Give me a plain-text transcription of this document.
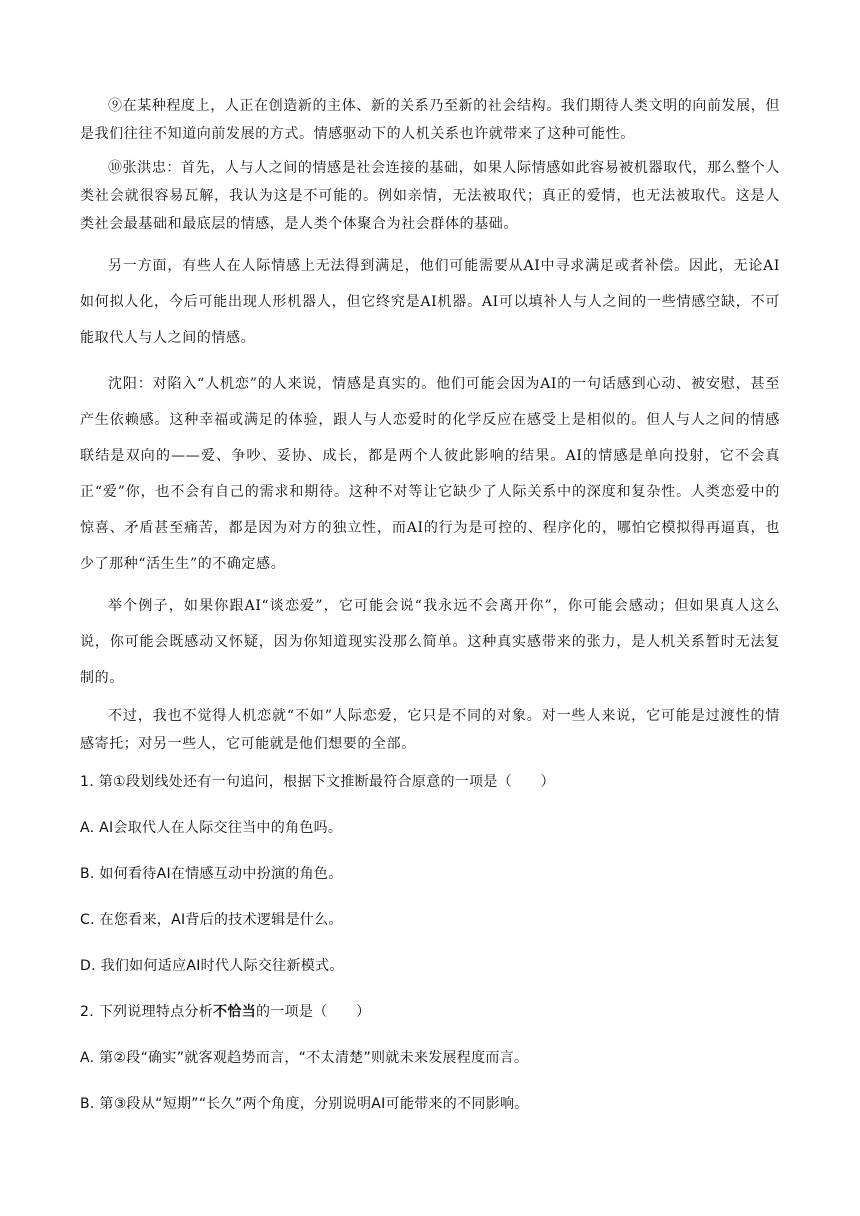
⑨在某种程度上，人正在创造新的主体、新的关系乃至新的社会结构。我们期待人类文明的向前发展，但是我们往往不知道向前发展的方式。情感驱动下的人机关系也许就带来了这种可能性。

⑩张洪忠：首先，人与人之间的情感是社会连接的基础，如果人际情感如此容易被机器取代，那么整个人类社会就很容易瓦解，我认为这是不可能的。例如亲情，无法被取代；真正的爱情，也无法被取代。这是人类社会最基础和最底层的情感，是人类个体聚合为社会群体的基础。

另一方面，有些人在人际情感上无法得到满足，他们可能需要从AI中寻求满足或者补偿。因此，无论AI如何拟人化，今后可能出现人形机器人，但它终究是AI机器。AI可以填补人与人之间的一些情感空缺，不可能取代人与人之间的情感。

沈阳：对陷入“人机恋”的人来说，情感是真实的。他们可能会因为AI的一句话感到心动、被安慰，甚至产生依赖感。这种幸福或满足的体验，跟人与人恋爱时的化学反应在感受上是相似的。但人与人之间的情感联结是双向的——爱、争吵、妥协、成长，都是两个人彼此影响的结果。AI的情感是单向投射，它不会真正“爱”你，也不会有自己的需求和期待。这种不对等让它缺少了人际关系中的深度和复杂性。人类恋爱中的惊喜、矛盾甚至痛苦，都是因为对方的独立性，而AI的行为是可控的、程序化的，哪怕它模拟得再逼真，也少了那种“活生生”的不确定感。

举个例子，如果你跟AI“谈恋爱”，它可能会说“我永远不会离开你”，你可能会感动；但如果真人这么说，你可能会既感动又怀疑，因为你知道现实没那么简单。这种真实感带来的张力，是人机关系暂时无法复制的。

不过，我也不觉得人机恋就“不如”人际恋爱，它只是不同的对象。对一些人来说，它可能是过渡性的情感寄托；对另一些人，它可能就是他们想要的全部。

1. 第①段划线处还有一句追问，根据下文推断最符合原意的一项是（　　）

A. AI会取代人在人际交往当中的角色吗。

B. 如何看待AI在情感互动中扮演的角色。

C. 在您看来，AI背后的技术逻辑是什么。

D. 我们如何适应AI时代人际交往新模式。

2. 下列说理特点分析不恰当的一项是（　　）

A. 第②段“确实”就客观趋势而言，“不太清楚”则就未来发展程度而言。

B. 第③段从“短期”“长久”两个角度，分别说明AI可能带来的不同影响。
